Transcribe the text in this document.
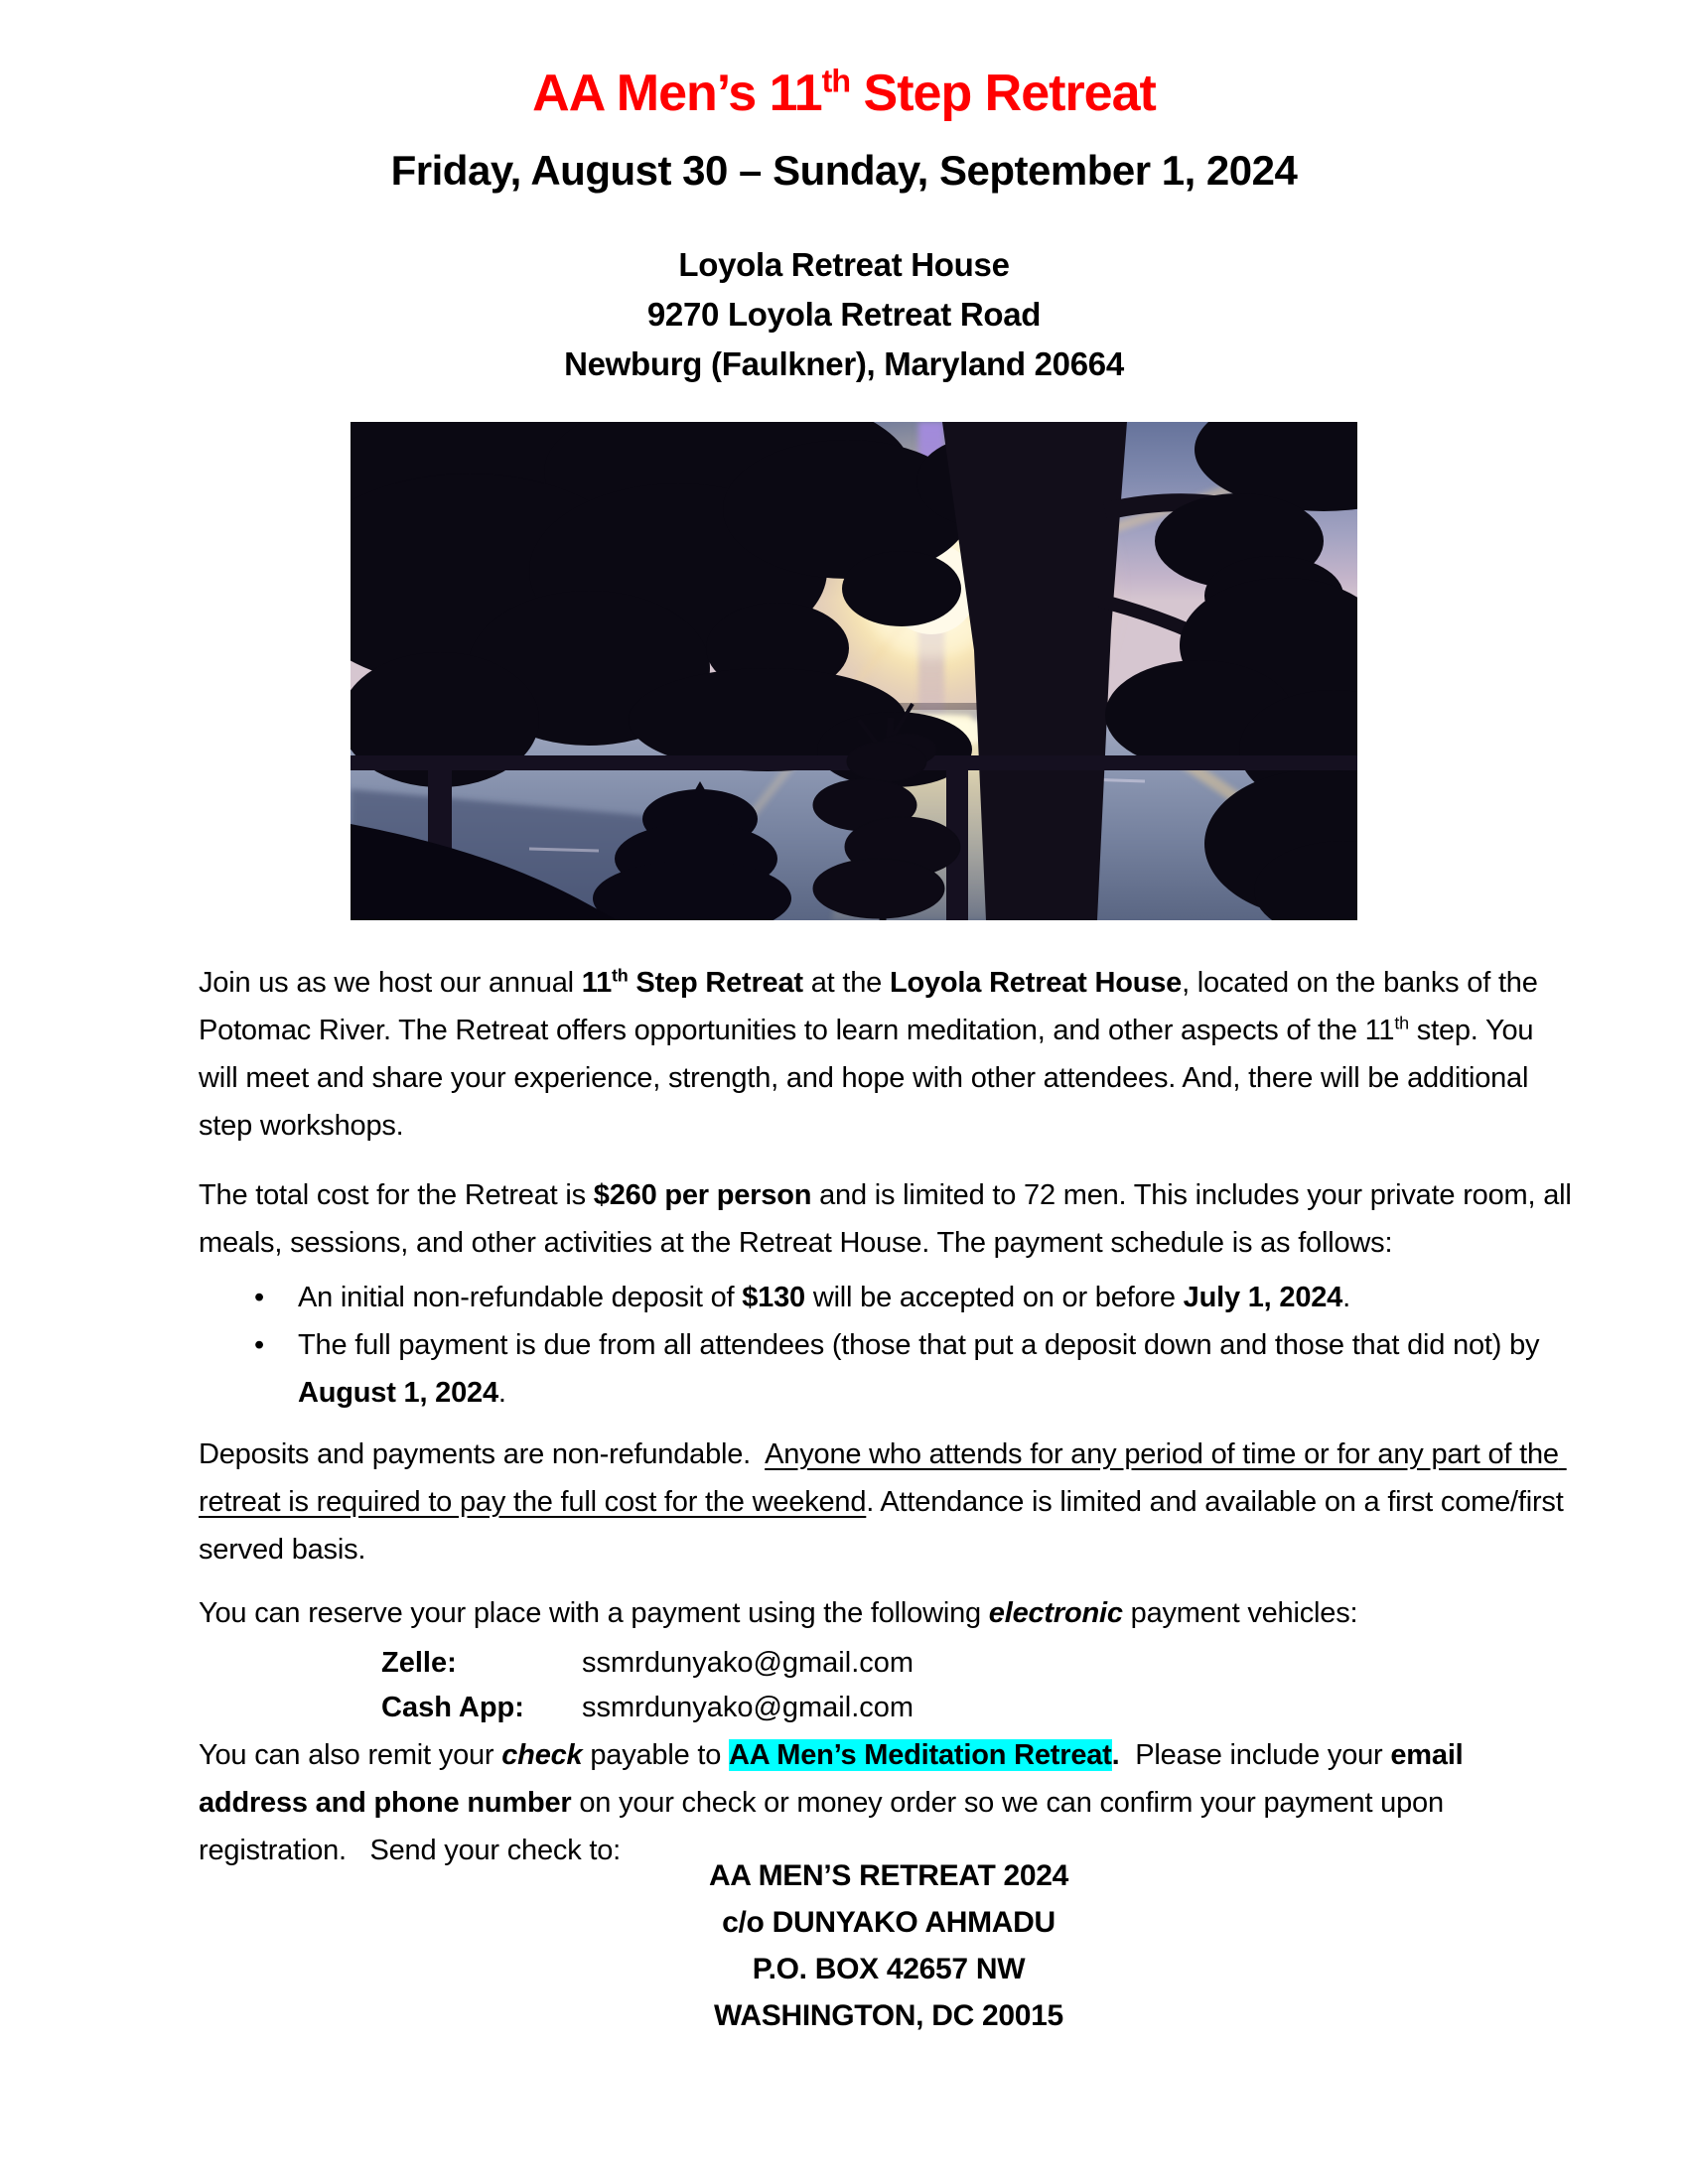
AA Men’s 11th Step Retreat
Friday, August 30 – Sunday, September 1, 2024
Loyola Retreat House
9270 Loyola Retreat Road
Newburg (Faulkner), Maryland 20664
Join us as we host our annual 11th Step Retreat at the Loyola Retreat House, located on the banks of the Potomac River. The Retreat offers opportunities to learn meditation, and other aspects of the 11th step. You will meet and share your experience, strength, and hope with other attendees. And, there will be additional step workshops.
The total cost for the Retreat is $260 per person and is limited to 72 men. This includes your private room, all meals, sessions, and other activities at the Retreat House. The payment schedule is as follows:
• An initial non-refundable deposit of $130 will be accepted on or before July 1, 2024.
• The full payment is due from all attendees (those that put a deposit down and those that did not) by August 1, 2024.
Deposits and payments are non-refundable.  Anyone who attends for any period of time or for any part of the retreat is required to pay the full cost for the weekend. Attendance is limited and available on a first come/first served basis.
You can reserve your place with a payment using the following electronic payment vehicles:
Zelle:	ssmrdunyako@gmail.com
Cash App: ssmrdunyako@gmail.com
You can also remit your check payable to AA Men’s Meditation Retreat.  Please include your email address and phone number on your check or money order so we can confirm your payment upon registration.   Send your check to:
AA MEN’S RETREAT 2024
c/o DUNYAKO AHMADU
P.O. BOX 42657 NW
WASHINGTON, DC 20015
